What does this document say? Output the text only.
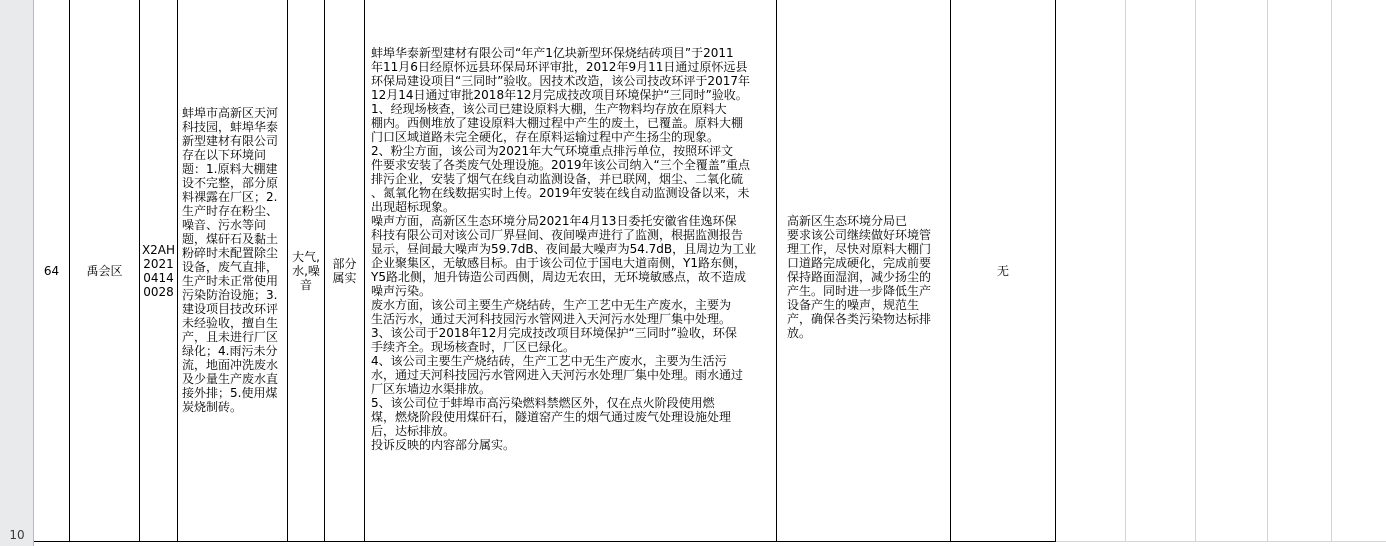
10
64 禹会区
X2AH
2021
0414
0028

蚌埠市高新区天河
科技园，蚌埠华泰
新型建材有限公司
存在以下环境问
题：1.原料大棚建
设不完整，部分原
料裸露在厂区；2.
生产时存在粉尘、
噪音、污水等问
题，煤矸石及黏土
粉碎时未配置除尘
设备，废气直排，
生产时未正常使用
污染防治设施；3.
建设项目技改环评
未经验收，擅自生
产，且未进行厂区
绿化；4.雨污未分
流，地面冲洗废水
及少量生产废水直
接外排；5.使用煤
炭烧制砖。

大气,
水,噪
音
部分
属实

蚌埠华泰新型建材有限公司“年产1亿块新型环保烧结砖项目”于2011
年11月6日经原怀远县环保局环评审批，2012年9月11日通过原怀远县
环保局建设项目“三同时”验收。因技术改造，该公司技改环评于2017年
12月14日通过审批2018年12月完成技改项目环境保护“三同时”验收。
1、经现场核查，该公司已建设原料大棚，生产物料均存放在原料大
棚内。西侧堆放了建设原料大棚过程中产生的废土，已覆盖。原料大棚
门口区域道路未完全硬化，存在原料运输过程中产生扬尘的现象。
2、粉尘方面，该公司为2021年大气环境重点排污单位，按照环评文
件要求安装了各类废气处理设施。2019年该公司纳入“三个全覆盖”重点
排污企业，安装了烟气在线自动监测设备，并已联网，烟尘、二氧化硫
、氮氧化物在线数据实时上传。2019年安装在线自动监测设备以来，未
出现超标现象。
噪声方面，高新区生态环境分局2021年4月13日委托安徽省佳逸环保
科技有限公司对该公司厂界昼间、夜间噪声进行了监测，根据监测报告
显示，昼间最大噪声为59.7dB、夜间最大噪声为54.7dB，且周边为工业
企业聚集区，无敏感目标。由于该公司位于国电大道南侧，Y1路东侧，
Y5路北侧，旭升铸造公司西侧，周边无农田，无环境敏感点，故不造成
噪声污染。
废水方面，该公司主要生产烧结砖，生产工艺中无生产废水，主要为
生活污水，通过天河科技园污水管网进入天河污水处理厂集中处理。
3、该公司于2018年12月完成技改项目环境保护“三同时”验收，环保
手续齐全。现场核查时，厂区已绿化。
4、该公司主要生产烧结砖，生产工艺中无生产废水，主要为生活污
水，通过天河科技园污水管网进入天河污水处理厂集中处理。雨水通过
厂区东墙边水渠排放。
5、该公司位于蚌埠市高污染燃料禁燃区外，仅在点火阶段使用燃
煤，燃烧阶段使用煤矸石，隧道窑产生的烟气通过废气处理设施处理
后，达标排放。
投诉反映的内容部分属实。

高新区生态环境分局已
要求该公司继续做好环境管
理工作，尽快对原料大棚门
口道路完成硬化，完成前要
保持路面湿润，减少扬尘的
产生。同时进一步降低生产
设备产生的噪声，规范生
产，确保各类污染物达标排
放。

无
